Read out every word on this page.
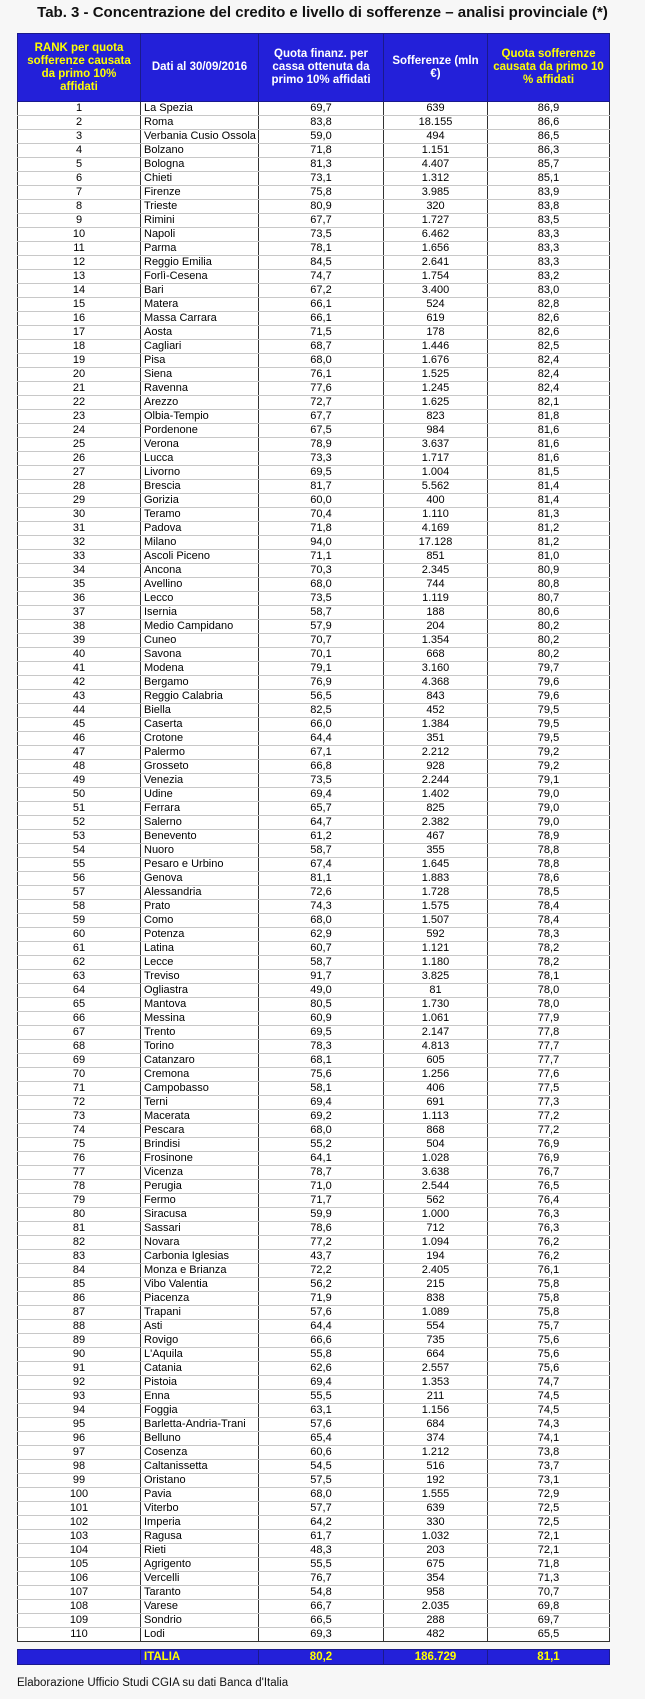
Tab. 3 - Concentrazione del credito e livello di sofferenze – analisi provinciale (*)
RANK per quota sofferenze causata da primo 10% affidati	Dati al 30/09/2016	Quota finanz. per cassa ottenuta da primo 10% affidati	Sofferenze (mln €)	Quota sofferenze causata da primo 10 % affidati
1	La Spezia	69,7	639	86,9
2	Roma	83,8	18.155	86,6
3	Verbania Cusio Ossola	59,0	494	86,5
4	Bolzano	71,8	1.151	86,3
5	Bologna	81,3	4.407	85,7
6	Chieti	73,1	1.312	85,1
7	Firenze	75,8	3.985	83,9
8	Trieste	80,9	320	83,8
9	Rimini	67,7	1.727	83,5
10	Napoli	73,5	6.462	83,3
11	Parma	78,1	1.656	83,3
12	Reggio Emilia	84,5	2.641	83,3
13	Forlì-Cesena	74,7	1.754	83,2
14	Bari	67,2	3.400	83,0
15	Matera	66,1	524	82,8
16	Massa Carrara	66,1	619	82,6
17	Aosta	71,5	178	82,6
18	Cagliari	68,7	1.446	82,5
19	Pisa	68,0	1.676	82,4
20	Siena	76,1	1.525	82,4
21	Ravenna	77,6	1.245	82,4
22	Arezzo	72,7	1.625	82,1
23	Olbia-Tempio	67,7	823	81,8
24	Pordenone	67,5	984	81,6
25	Verona	78,9	3.637	81,6
26	Lucca	73,3	1.717	81,6
27	Livorno	69,5	1.004	81,5
28	Brescia	81,7	5.562	81,4
29	Gorizia	60,0	400	81,4
30	Teramo	70,4	1.110	81,3
31	Padova	71,8	4.169	81,2
32	Milano	94,0	17.128	81,2
33	Ascoli Piceno	71,1	851	81,0
34	Ancona	70,3	2.345	80,9
35	Avellino	68,0	744	80,8
36	Lecco	73,5	1.119	80,7
37	Isernia	58,7	188	80,6
38	Medio Campidano	57,9	204	80,2
39	Cuneo	70,7	1.354	80,2
40	Savona	70,1	668	80,2
41	Modena	79,1	3.160	79,7
42	Bergamo	76,9	4.368	79,6
43	Reggio Calabria	56,5	843	79,6
44	Biella	82,5	452	79,5
45	Caserta	66,0	1.384	79,5
46	Crotone	64,4	351	79,5
47	Palermo	67,1	2.212	79,2
48	Grosseto	66,8	928	79,2
49	Venezia	73,5	2.244	79,1
50	Udine	69,4	1.402	79,0
51	Ferrara	65,7	825	79,0
52	Salerno	64,7	2.382	79,0
53	Benevento	61,2	467	78,9
54	Nuoro	58,7	355	78,8
55	Pesaro e Urbino	67,4	1.645	78,8
56	Genova	81,1	1.883	78,6
57	Alessandria	72,6	1.728	78,5
58	Prato	74,3	1.575	78,4
59	Como	68,0	1.507	78,4
60	Potenza	62,9	592	78,3
61	Latina	60,7	1.121	78,2
62	Lecce	58,7	1.180	78,2
63	Treviso	91,7	3.825	78,1
64	Ogliastra	49,0	81	78,0
65	Mantova	80,5	1.730	78,0
66	Messina	60,9	1.061	77,9
67	Trento	69,5	2.147	77,8
68	Torino	78,3	4.813	77,7
69	Catanzaro	68,1	605	77,7
70	Cremona	75,6	1.256	77,6
71	Campobasso	58,1	406	77,5
72	Terni	69,4	691	77,3
73	Macerata	69,2	1.113	77,2
74	Pescara	68,0	868	77,2
75	Brindisi	55,2	504	76,9
76	Frosinone	64,1	1.028	76,9
77	Vicenza	78,7	3.638	76,7
78	Perugia	71,0	2.544	76,5
79	Fermo	71,7	562	76,4
80	Siracusa	59,9	1.000	76,3
81	Sassari	78,6	712	76,3
82	Novara	77,2	1.094	76,2
83	Carbonia Iglesias	43,7	194	76,2
84	Monza e Brianza	72,2	2.405	76,1
85	Vibo Valentia	56,2	215	75,8
86	Piacenza	71,9	838	75,8
87	Trapani	57,6	1.089	75,8
88	Asti	64,4	554	75,7
89	Rovigo	66,6	735	75,6
90	L'Aquila	55,8	664	75,6
91	Catania	62,6	2.557	75,6
92	Pistoia	69,4	1.353	74,7
93	Enna	55,5	211	74,5
94	Foggia	63,1	1.156	74,5
95	Barletta-Andria-Trani	57,6	684	74,3
96	Belluno	65,4	374	74,1
97	Cosenza	60,6	1.212	73,8
98	Caltanissetta	54,5	516	73,7
99	Oristano	57,5	192	73,1
100	Pavia	68,0	1.555	72,9
101	Viterbo	57,7	639	72,5
102	Imperia	64,2	330	72,5
103	Ragusa	61,7	1.032	72,1
104	Rieti	48,3	203	72,1
105	Agrigento	55,5	675	71,8
106	Vercelli	76,7	354	71,3
107	Taranto	54,8	958	70,7
108	Varese	66,7	2.035	69,8
109	Sondrio	66,5	288	69,7
110	Lodi	69,3	482	65,5

	ITALIA	80,2	186.729	81,1
Elaborazione Ufficio Studi CGIA su dati Banca d'Italia
